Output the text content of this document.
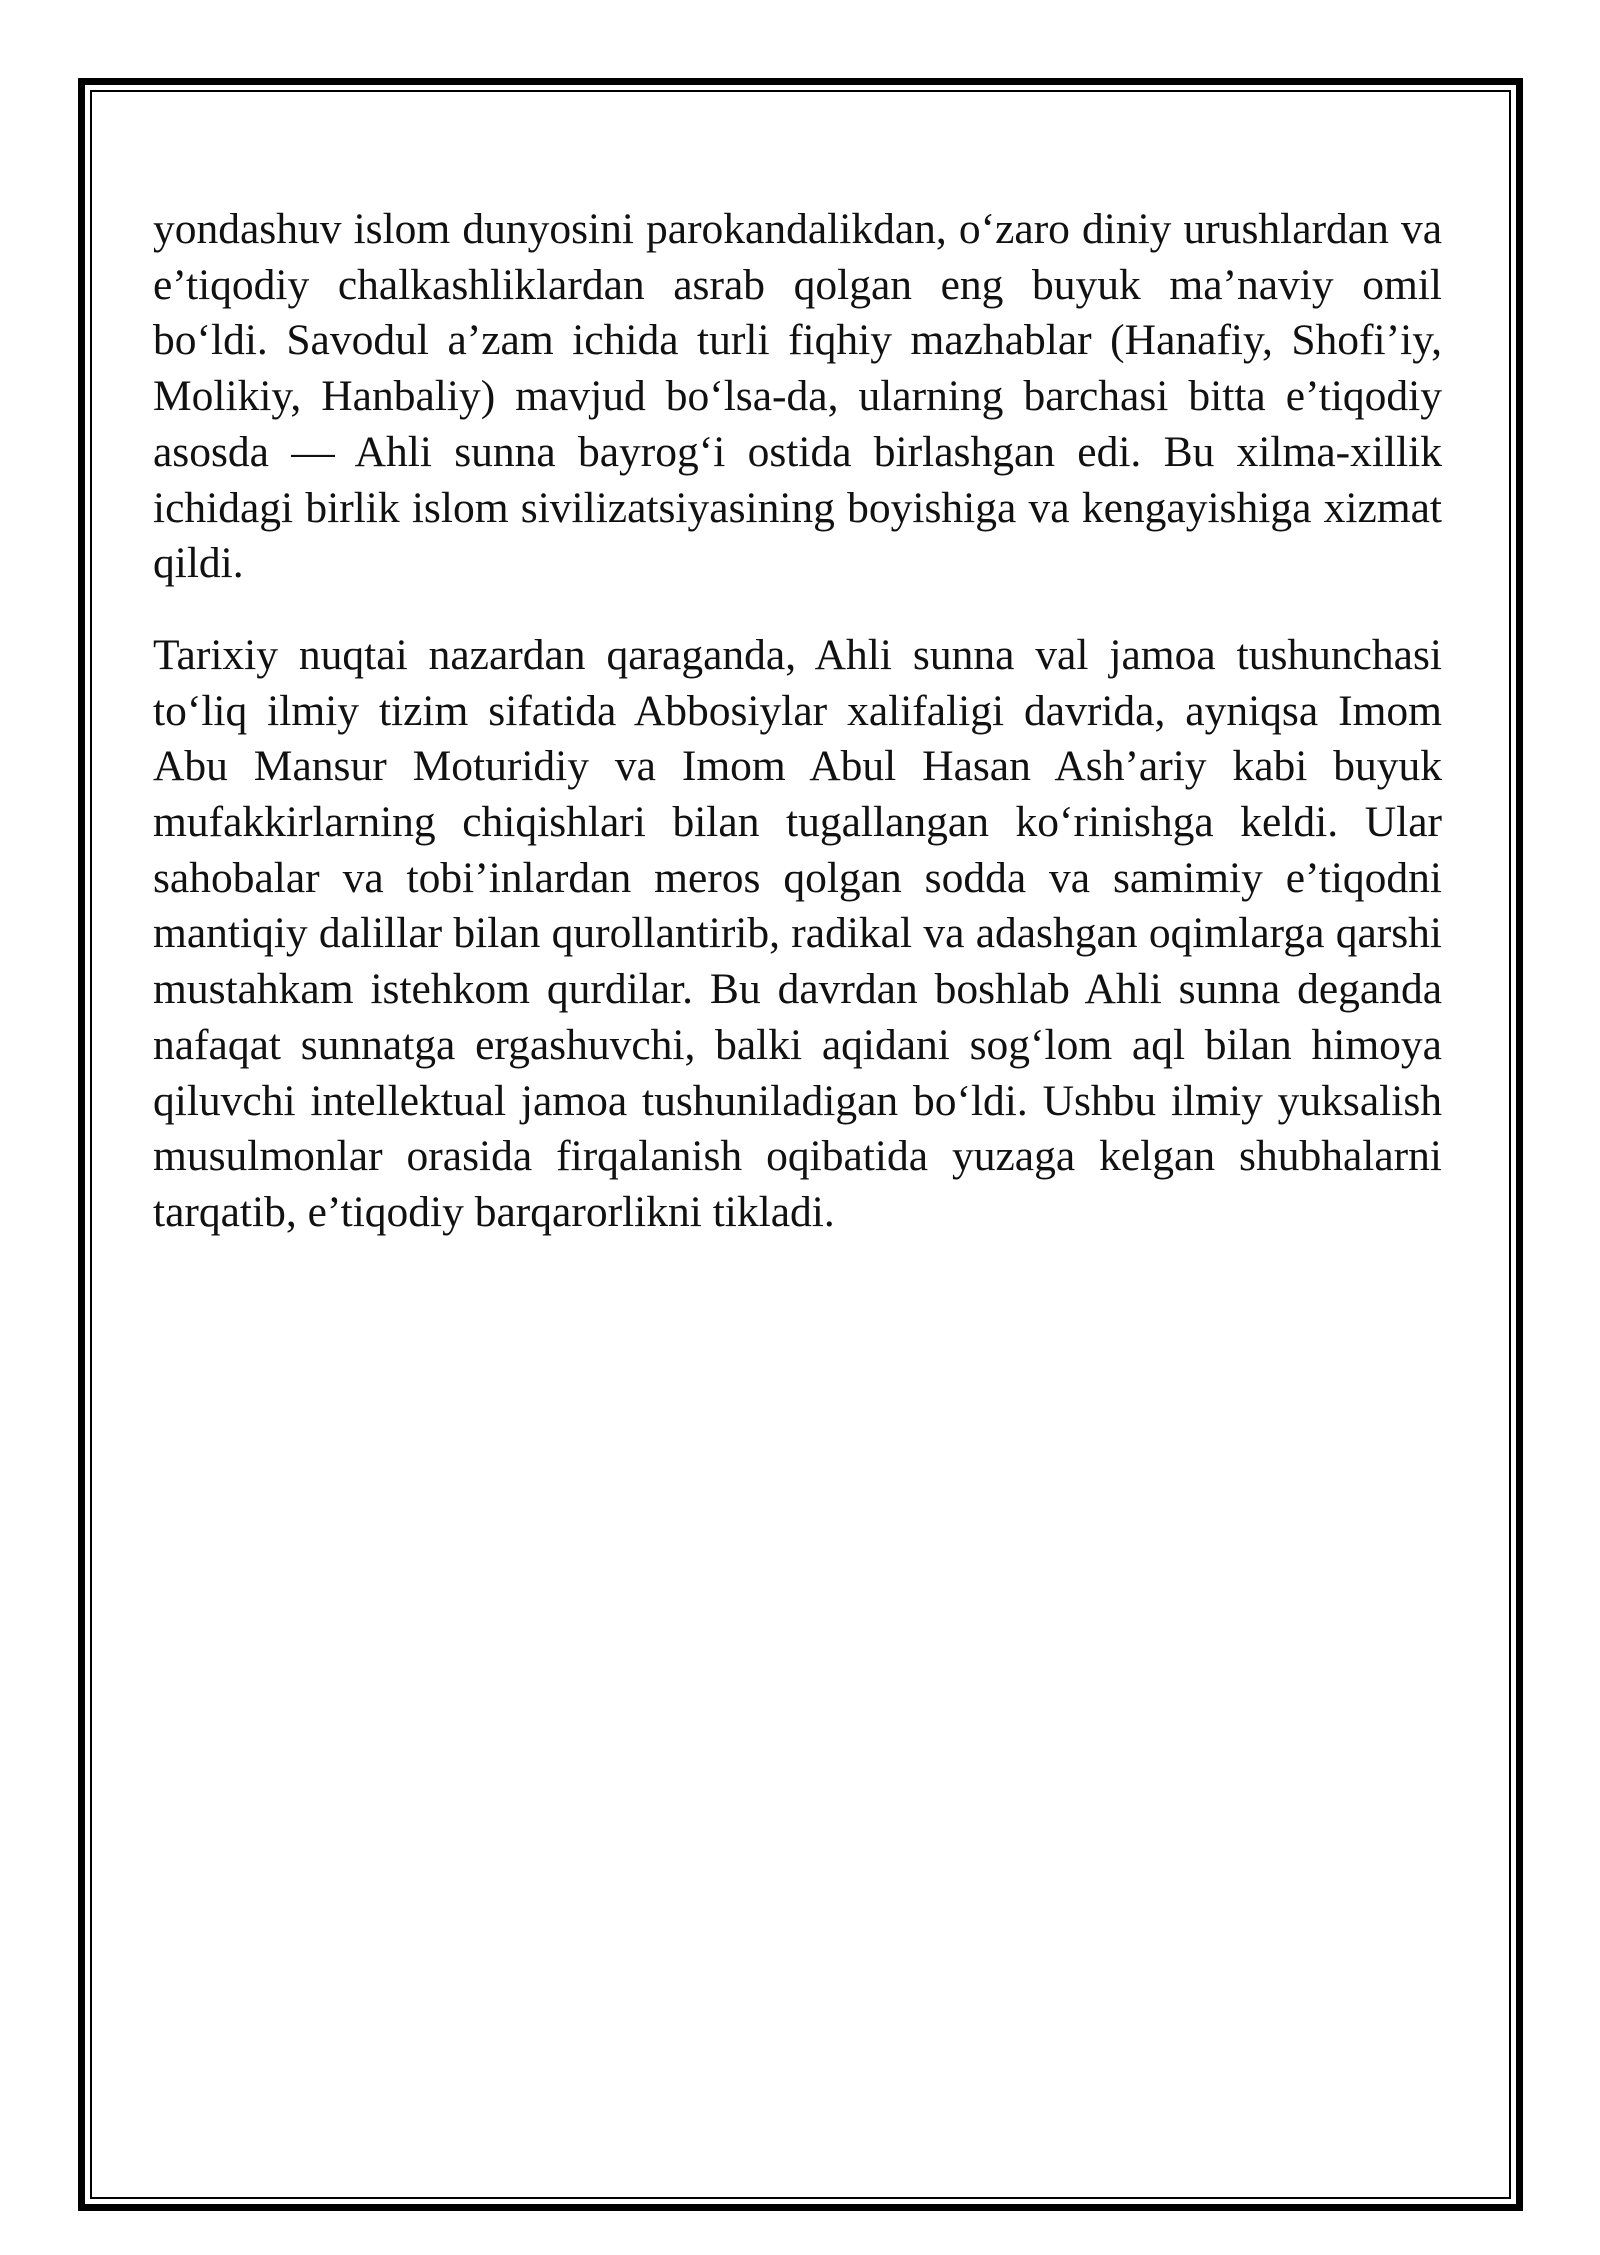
yondashuv islom dunyosini parokandalikdan, o‘zaro diniy urushlardan va e’tiqodiy chalkashliklardan asrab qolgan eng buyuk ma’naviy omil bo‘ldi. Savodul a’zam ichida turli fiqhiy mazhablar (Hanafiy, Shofi’iy, Molikiy, Hanbaliy) mavjud bo‘lsa-da, ularning barchasi bitta e’tiqodiy asosda — Ahli sunna bayrog‘i ostida birlashgan edi. Bu xilma-xillik ichidagi birlik islom sivilizatsiyasining boyishiga va kengayishiga xizmat qildi.

Tarixiy nuqtai nazardan qaraganda, Ahli sunna val jamoa tushunchasi to‘liq ilmiy tizim sifatida Abbosiylar xalifaligi davrida, ayniqsa Imom Abu Mansur Moturidiy va Imom Abul Hasan Ash’ariy kabi buyuk mufakkirlarning chiqishlari bilan tugallangan ko‘rinishga keldi. Ular sahobalar va tobi’inlardan meros qolgan sodda va samimiy e’tiqodni mantiqiy dalillar bilan qurollantirib, radikal va adashgan oqimlarga qarshi mustahkam istehkom qurdilar. Bu davrdan boshlab Ahli sunna deganda nafaqat sunnatga ergashuvchi, balki aqidani sog‘lom aql bilan himoya qiluvchi intellektual jamoa tushuniladigan bo‘ldi. Ushbu ilmiy yuksalish musulmonlar orasida firqalanish oqibatida yuzaga kelgan shubhalarni tarqatib, e’tiqodiy barqarorlikni tikladi.
